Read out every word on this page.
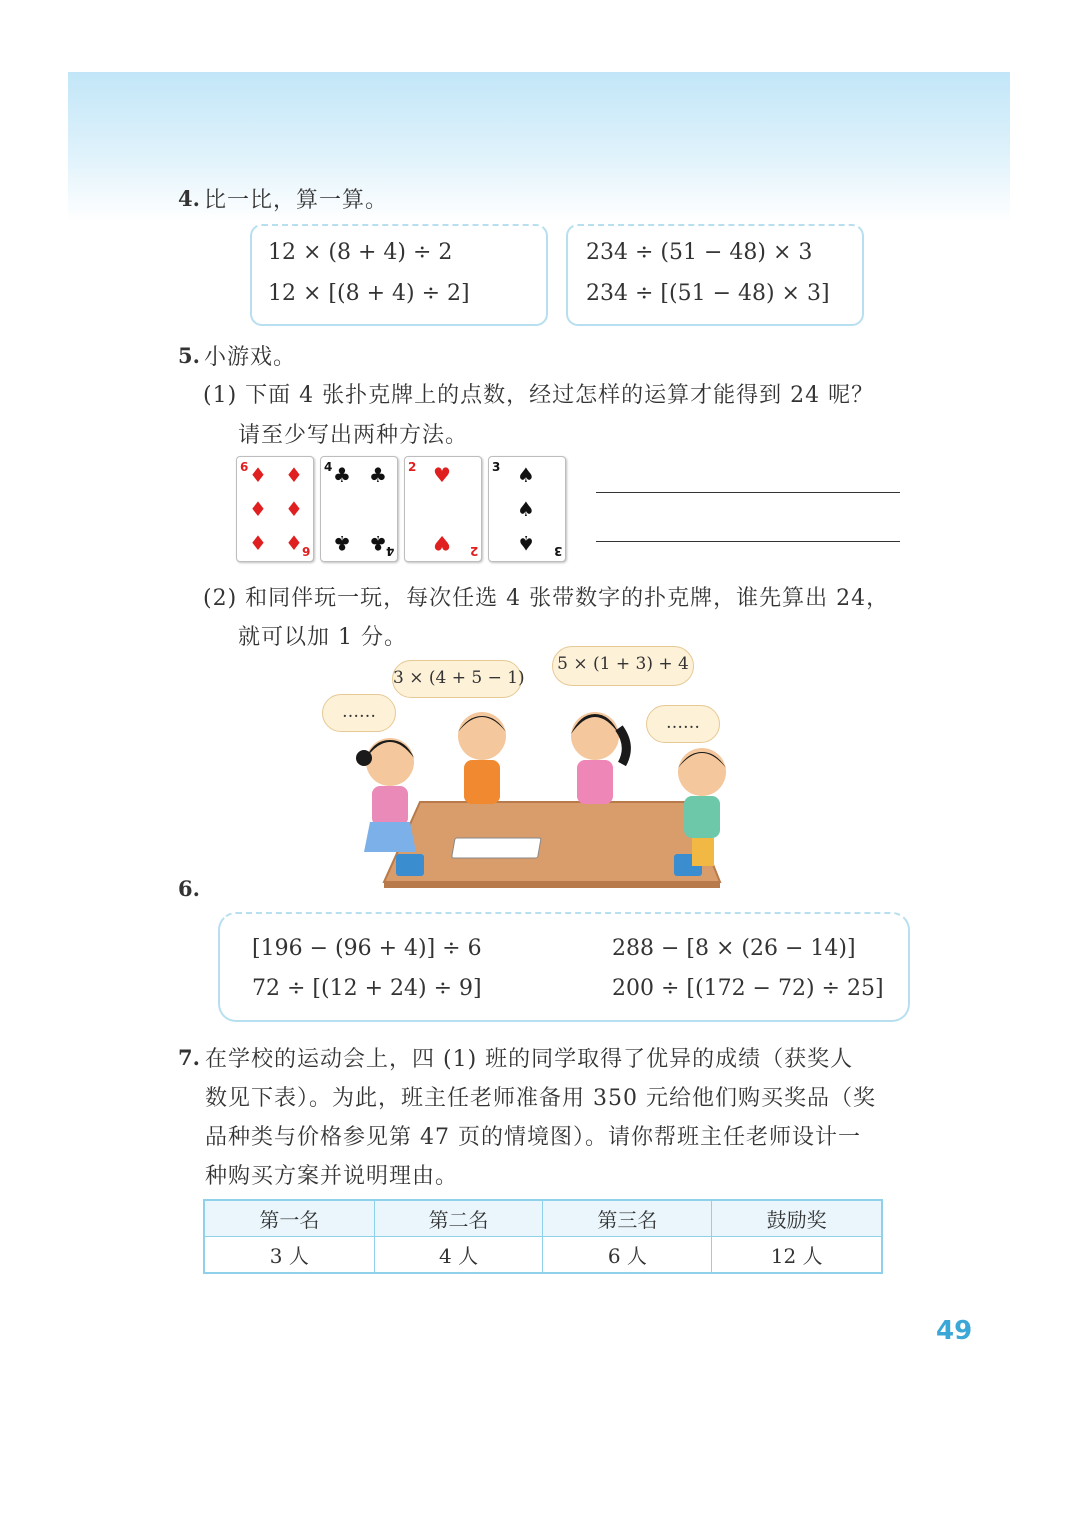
4. 比一比，算一算。
12 × (8 + 4) ÷ 2
12 × [(8 + 4) ÷ 2]
234 ÷ (51 − 48) × 3
234 ÷ [(51 − 48) × 3]
5. 小游戏。
(1) 下面 4 张扑克牌上的点数，经过怎样的运算才能得到 24 呢？
请至少写出两种方法。
6
6
♦ ♦
♦ ♦
♦ ♦
4
4
♣ ♣
♣ ♣
2
2
♥
♥
3
3
♠
♠
♠
(2) 和同伴玩一玩，每次任选 4 张带数字的扑克牌，谁先算出 24，
就可以加 1 分。
……
3 × (4 + 5 − 1)
5 × (1 + 3) + 4
……
6.
[196 − (96 + 4)] ÷ 6	288 − [8 × (26 − 14)]
72 ÷ [(12 + 24) ÷ 9]	200 ÷ [(172 − 72) ÷ 25]
7. 在学校的运动会上，四 (1) 班的同学取得了优异的成绩（获奖人
数见下表）。为此，班主任老师准备用 350 元给他们购买奖品（奖
品种类与价格参见第 47 页的情境图）。请你帮班主任老师设计一
种购买方案并说明理由。
第一名	第二名	第三名	鼓励奖
3 人	4 人	6 人	12 人
49
